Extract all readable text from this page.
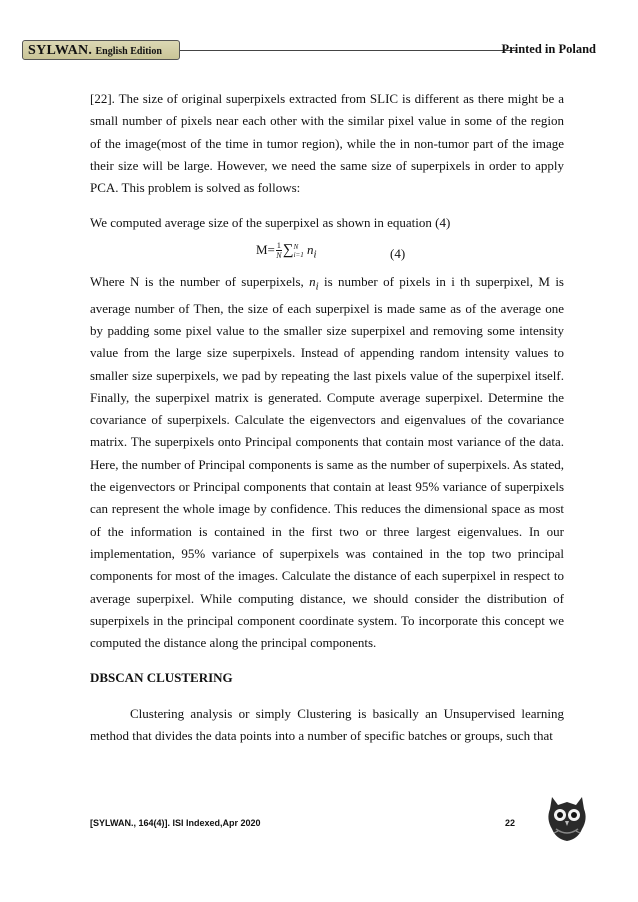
SYLWAN. English Edition	Printed in Poland

[22]. The size of original superpixels extracted from SLIC is different as there might be a small number of pixels near each other with the similar pixel value in some of the region of the image(most of the time in tumor region), while the in non-tumor part of the image their size will be large. However, we need the same size of superpixels in order to apply PCA. This problem is solved as follows:

We computed average size of the superpixel as shown in equation (4)

$M= \frac{1}{N}$ ∑ N
i=1 $n_i$	(4)

Where N is the number of superpixels, $n_i$ is number of pixels in i th superpixel, M is average number of Then, the size of each superpixel is made same as of the average one by padding some pixel value to the smaller size superpixel and removing some intensity value from the large size superpixels. Instead of appending random intensity values to smaller size superpixels, we pad by repeating the last pixels value of the superpixel itself. Finally, the superpixel matrix is generated. Compute average superpixel. Determine the covariance of superpixels. Calculate the eigenvectors and eigenvalues of the covariance matrix. The superpixels onto Principal components that contain most variance of the data. Here, the number of Principal components is same as the number of superpixels. As stated, the eigenvectors or Principal components that contain at least 95% variance of superpixels can represent the whole image by confidence. This reduces the dimensional space as most of the information is contained in the first two or three largest eigenvalues. In our implementation, 95% variance of superpixels was contained in the top two principal components for most of the images. Calculate the distance of each superpixel in respect to average superpixel. While computing distance, we should consider the distribution of superpixels in the principal component coordinate system. To incorporate this concept we computed the distance along the principal components.

DBSCAN CLUSTERING

Clustering analysis or simply Clustering is basically an Unsupervised learning method that divides the data points into a number of specific batches or groups, such that

[SYLWAN., 164(4)]. ISI Indexed,Apr 2020	22
